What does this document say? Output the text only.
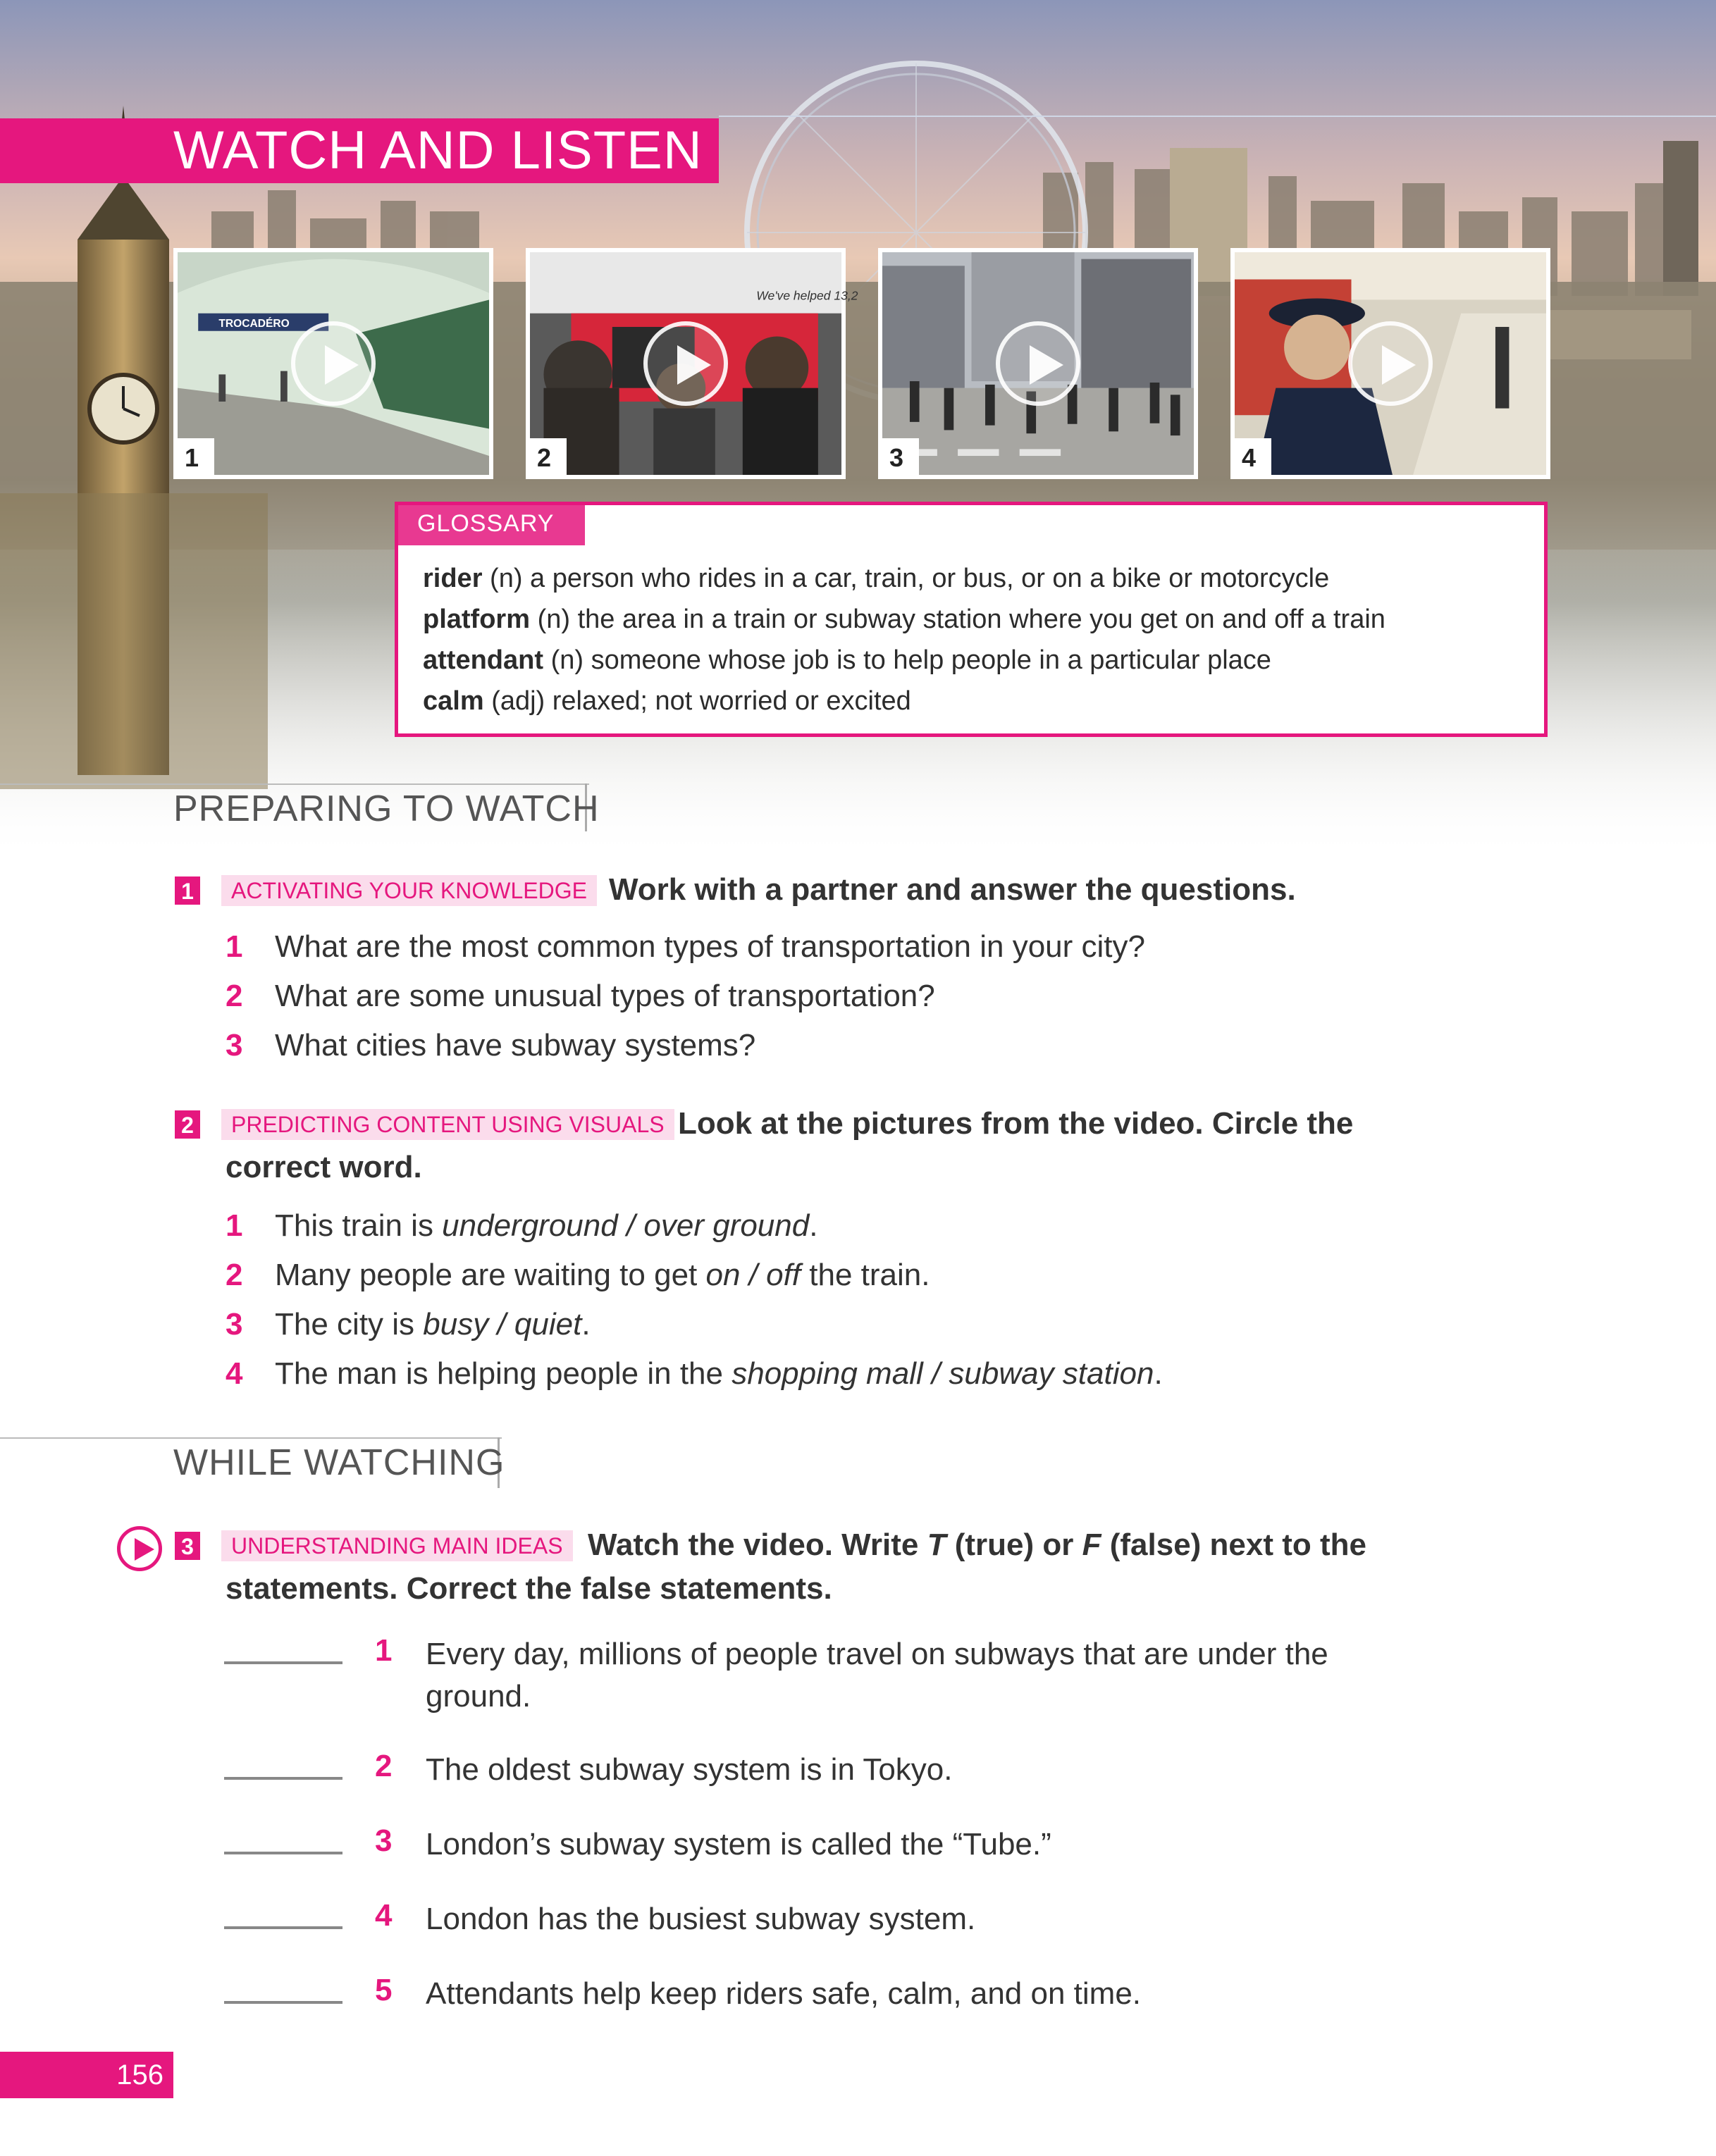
WATCH AND LISTEN
TROCADÉRO
1
We've helped 13,2
2	3	4
GLOSSARY
rider (n) a person who rides in a car, train, or bus, or on a bike or motorcycle
platform (n) the area in a train or subway station where you get on and off a train
attendant (n) someone whose job is to help people in a particular place
calm (adj) relaxed; not worried or excited
PREPARING TO WATCH
1	ACTIVATING YOUR KNOWLEDGE Work with a partner and answer the questions.
1 What are the most common types of transportation in your city?
2 What are some unusual types of transportation?
3 What cities have subway systems?
2	PREDICTING CONTENT USING VISUALS Look at the pictures from the video. Circle the
correct word.
1 This train is underground / over ground.
2 Many people are waiting to get on / off the train.
3 The city is busy / quiet.
4 The man is helping people in the shopping mall / subway station.
WHILE WATCHING
3	UNDERSTANDING MAIN IDEAS Watch the video. Write T (true) or F (false) next to the
statements. Correct the false statements.
1 Every day, millions of people travel on subways that are under the
ground.
2 The oldest subway system is in Tokyo.
3 London’s subway system is called the “Tube.”
4 London has the busiest subway system.
5 Attendants help keep riders safe, calm, and on time.
156
